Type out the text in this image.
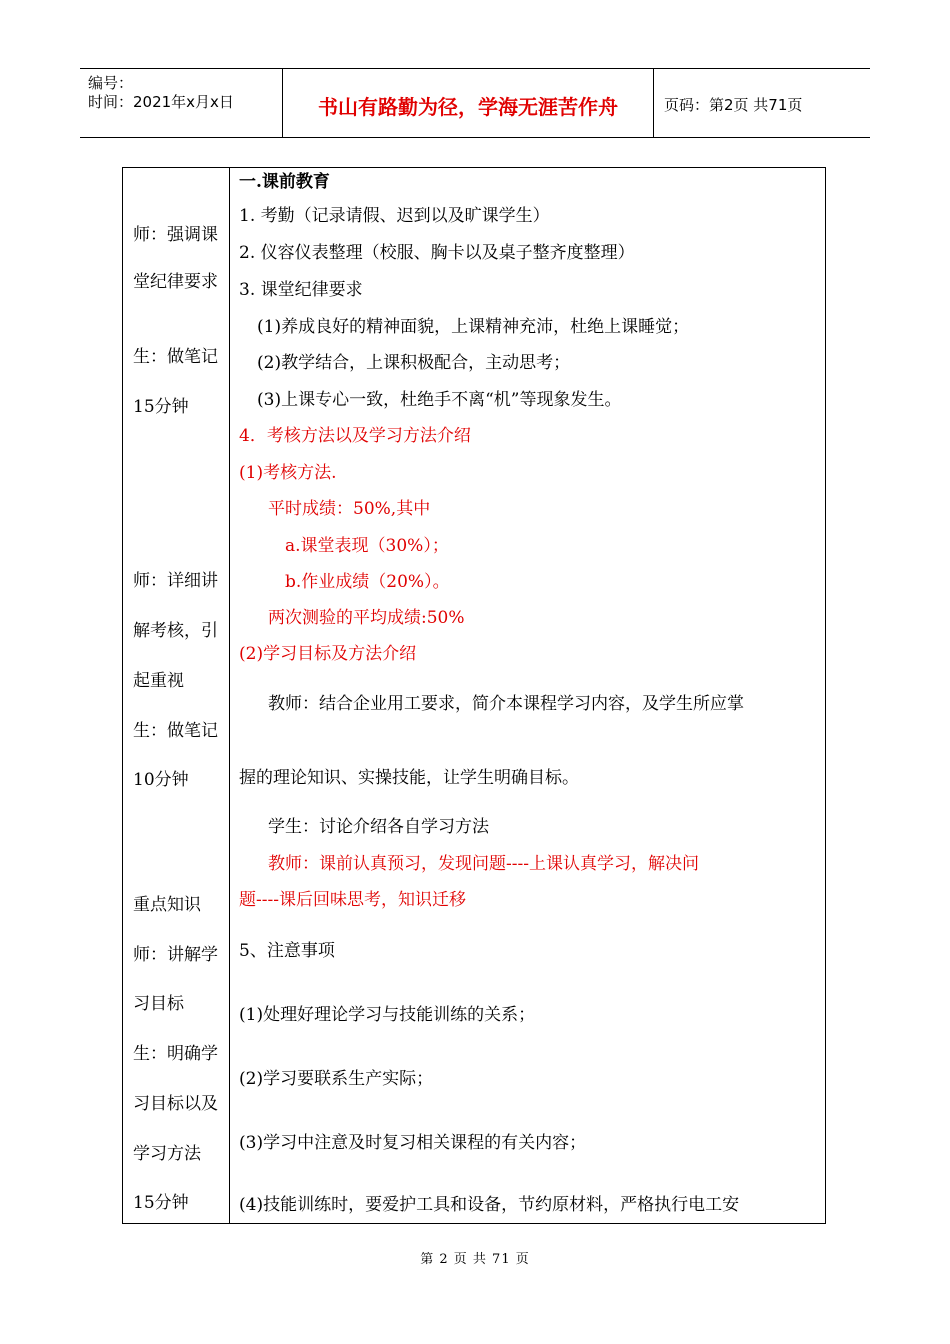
编号：
时间：2021年x月x日	书山有路勤为径，学海无涯苦作舟	页码：第2页 共71页
师：强调课
堂纪律要求
生：做笔记
15分钟
师：详细讲
解考核，引
起重视
生：做笔记
10分钟
重点知识
师：讲解学
习目标
生：明确学
习目标以及
学习方法
15分钟
一.课前教育
1. 考勤（记录请假、迟到以及旷课学生）
2. 仪容仪表整理（校服、胸卡以及桌子整齐度整理）
3. 课堂纪律要求
(1)养成良好的精神面貌，上课精神充沛，杜绝上课睡觉；
(2)教学结合，上课积极配合，主动思考；
(3)上课专心一致，杜绝手不离“机”等现象发生。
4．考核方法以及学习方法介绍
(1)考核方法.
平时成绩：50%,其中
a.课堂表现（30%）；
b.作业成绩（20%）。
两次测验的平均成绩:50%
(2)学习目标及方法介绍
教师：结合企业用工要求，简介本课程学习内容，及学生所应掌
握的理论知识、实操技能，让学生明确目标。
学生：讨论介绍各自学习方法
教师：课前认真预习，发现问题----上课认真学习，解决问
题----课后回味思考，知识迁移
5、注意事项
(1)处理好理论学习与技能训练的关系；
(2)学习要联系生产实际；
(3)学习中注意及时复习相关课程的有关内容；
(4)技能训练时，要爱护工具和设备，节约原材料，严格执行电工安
第 2 页 共 71 页
